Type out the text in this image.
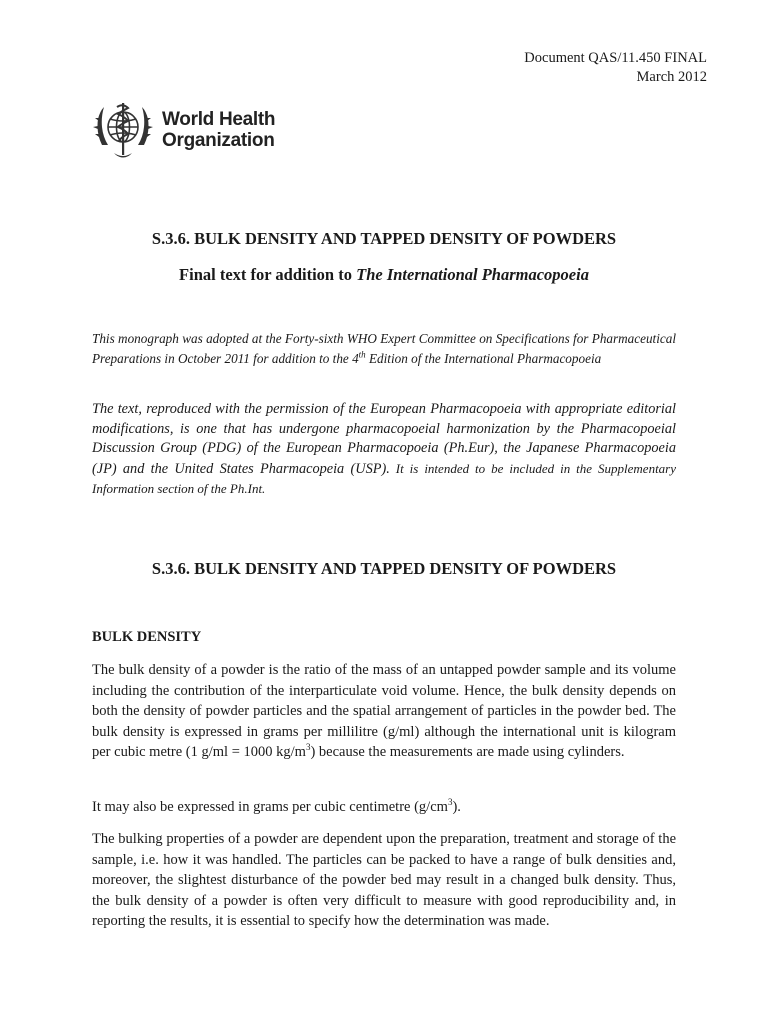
Document QAS/11.450 FINAL
March 2012
World Health
Organization
S.3.6. BULK DENSITY AND TAPPED DENSITY OF POWDERS
Final text for addition to The International Pharmacopoeia
This monograph was adopted at the Forty-sixth WHO Expert Committee on Specifications for Pharmaceutical Preparations in October 2011 for addition to the 4th Edition of the International Pharmacopoeia
The text, reproduced with the permission of the European Pharmacopoeia with appropriate editorial modifications, is one that has undergone pharmacopoeial harmonization by the Pharmacopoeial Discussion Group (PDG) of the European Pharmacopoeia (Ph.Eur), the Japanese Pharmacopoeia (JP) and the United States Pharmacopeia (USP). It is intended to be included in the Supplementary Information section of the Ph.Int.
S.3.6. BULK DENSITY AND TAPPED DENSITY OF POWDERS
BULK DENSITY
The bulk density of a powder is the ratio of the mass of an untapped powder sample and its volume including the contribution of the interparticulate void volume. Hence, the bulk density depends on both the density of powder particles and the spatial arrangement of particles in the powder bed. The bulk density is expressed in grams per millilitre (g/ml) although the international unit is kilogram per cubic metre (1 g/ml = 1000 $kg/m^3$) because the measurements are made using cylinders.
It may also be expressed in grams per cubic centimetre $(g/cm^3)$.
The bulking properties of a powder are dependent upon the preparation, treatment and storage of the sample, i.e. how it was handled. The particles can be packed to have a range of bulk densities and, moreover, the slightest disturbance of the powder bed may result in a changed bulk density. Thus, the bulk density of a powder is often very difficult to measure with good reproducibility and, in reporting the results, it is essential to specify how the determination was made.
